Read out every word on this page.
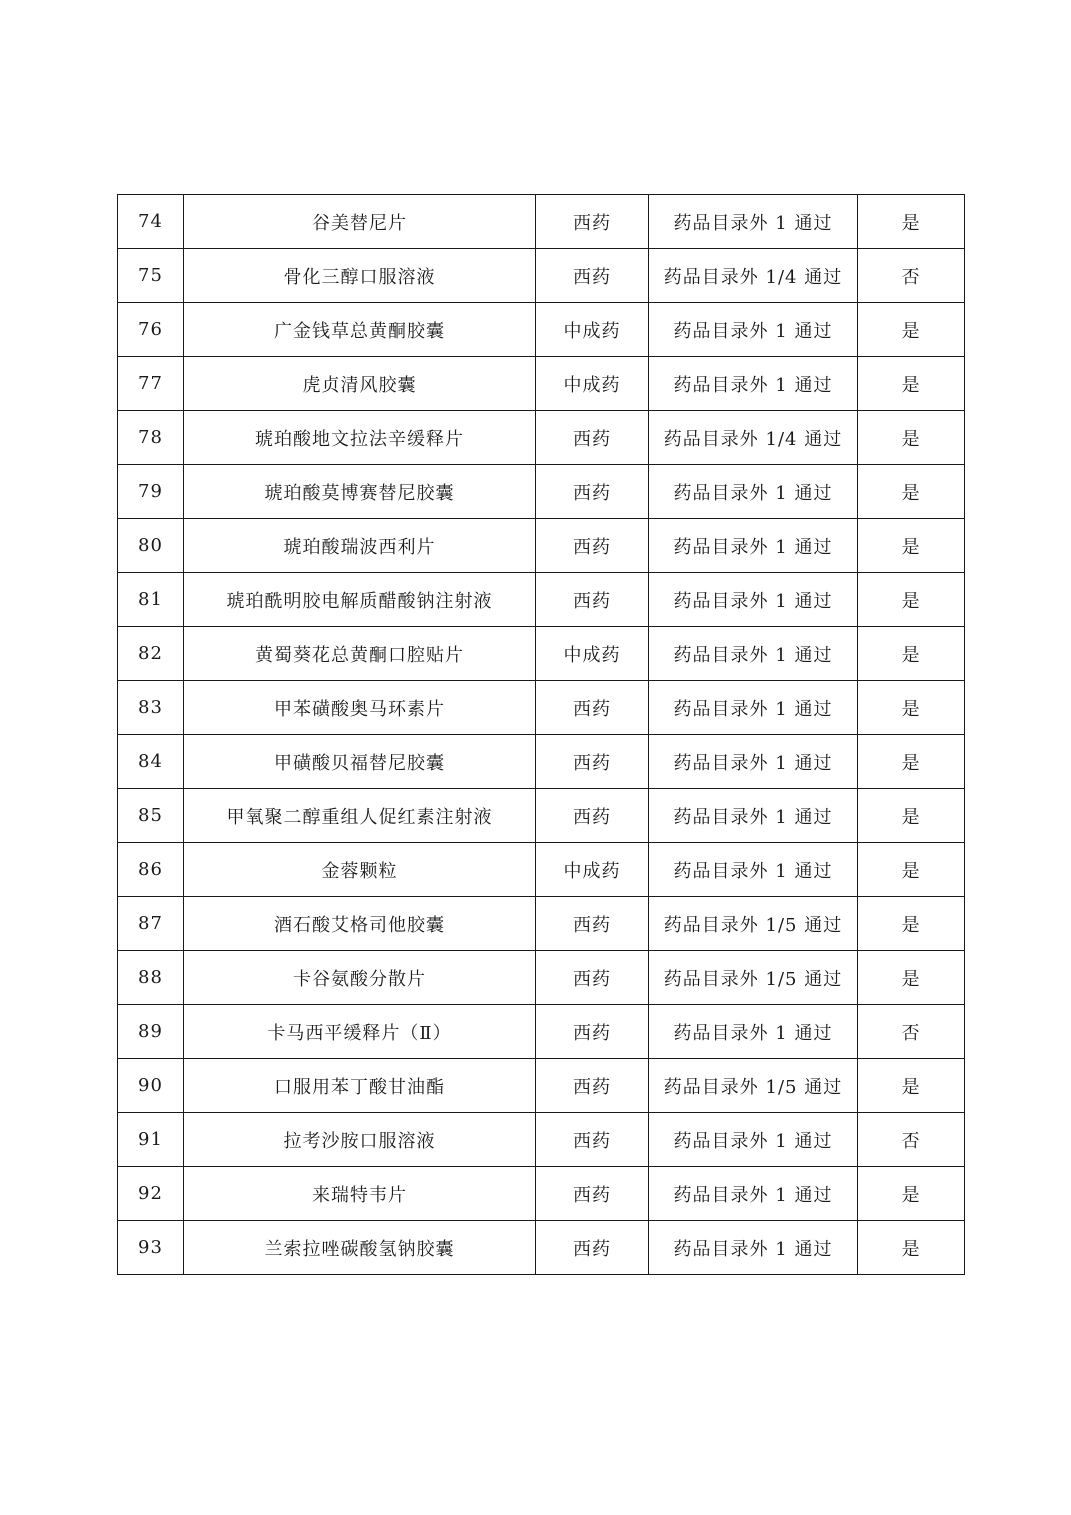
74	谷美替尼片	西药	药品目录外 1 通过	是
75	骨化三醇口服溶液	西药	药品目录外 1/4 通过	否
76	广金钱草总黄酮胶囊	中成药	药品目录外 1 通过	是
77	虎贞清风胶囊	中成药	药品目录外 1 通过	是
78	琥珀酸地文拉法辛缓释片	西药	药品目录外 1/4 通过	是
79	琥珀酸莫博赛替尼胶囊	西药	药品目录外 1 通过	是
80	琥珀酸瑞波西利片	西药	药品目录外 1 通过	是
81	琥珀酰明胶电解质醋酸钠注射液	西药	药品目录外 1 通过	是
82	黄蜀葵花总黄酮口腔贴片	中成药	药品目录外 1 通过	是
83	甲苯磺酸奥马环素片	西药	药品目录外 1 通过	是
84	甲磺酸贝福替尼胶囊	西药	药品目录外 1 通过	是
85	甲氧聚二醇重组人促红素注射液	西药	药品目录外 1 通过	是
86	金蓉颗粒	中成药	药品目录外 1 通过	是
87	酒石酸艾格司他胶囊	西药	药品目录外 1/5 通过	是
88	卡谷氨酸分散片	西药	药品目录外 1/5 通过	是
89	卡马西平缓释片（Ⅱ）	西药	药品目录外 1 通过	否
90	口服用苯丁酸甘油酯	西药	药品目录外 1/5 通过	是
91	拉考沙胺口服溶液	西药	药品目录外 1 通过	否
92	来瑞特韦片	西药	药品目录外 1 通过	是
93	兰索拉唑碳酸氢钠胶囊	西药	药品目录外 1 通过	是
